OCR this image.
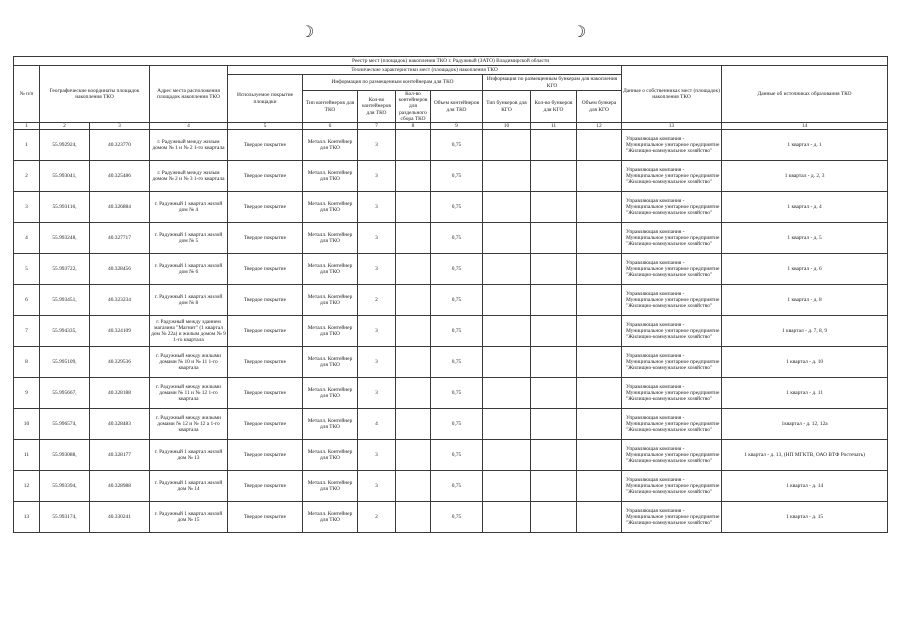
☽	☽
Реестр мест (площадок) накопления ТКО г. Радужный (ЗАТО) Владимирской области													
№ п/п	Географические координаты площадок накопления ТКО		Адрес места расположения площадок накопления ТКО	Технические характеристики мест (площадок) накопления ТКО								Данные о собственниках мест (площадок) накопления ТКО	Данные об источниках образования ТКО
				Используемое покрытие площадки	Информация по размещенным контейнерам для ТКО				Информация по размещенным бункерам для накопления КГО				
					Тип контейнеров для ТКО	Кол-во контейнеров для ТКО	Кол-во контейнеров для раздельного сбора ТКО	Объем контейнеров для ТКО	Тип бункеров для КГО	Кол-во бункеров для КГО	Объем бункера для КГО		

1	2	3	4	5	6	7	8	9	10	11	12	13	14
1	55.992924,	40.323770	г. Радужный между жилым домом № 1 и № 2 1-го квартала	Твердое покрытие	Металл. Контейнер для ТКО	3		0,75				Управляющая компания - Муниципальное унитарное предприятие "Жилищно-коммунальное хозяйство"	1 квартал - д. 1
2	55.993041,	40.325486	г. Радужный между жилым домом № 2 и № 3 1-го квартала	Твердое покрытие	Металл. Контейнер для ТКО	3		0,75				Управляющая компания - Муниципальное унитарное предприятие "Жилищно-коммунальное хозяйство"	1 квартал - д. 2, 3
3	55.993116,	40.326884	г. Радужный 1 квартал жилой дом № 4	Твердое покрытие	Металл. Контейнер для ТКО	3		0,75				Управляющая компания - Муниципальное унитарное предприятие "Жилищно-коммунальное хозяйство"	1 квартал - д. 4
4	55.993248,	40.327717	г. Радужный 1 квартал жилой дом № 5	Твердое покрытие	Металл. Контейнер для ТКО	3		0,75				Управляющая компания - Муниципальное унитарное предприятие "Жилищно-коммунальное хозяйство"	1 квартал - д. 5
5	55.993722,	40.328456	г. Радужный 1 квартал жилой дом № 6	Твердое покрытие	Металл. Контейнер для ТКО	3		0,75				Управляющая компания - Муниципальное унитарное предприятие "Жилищно-коммунальное хозяйство"	1 квартал - д. 6
6	55.993451,	40.323234	г. Радужный 1 квартал жилой дом № 8	Твердое покрытие	Металл. Контейнер для ТКО	2		0,75				Управляющая компания - Муниципальное унитарное предприятие "Жилищно-коммунальное хозяйство"	1 квартал - д. 8
7	55.994335,	40.324109	г. Радужный между зданием магазина "Магнит" (1 квартал дом № 22а) и жилым домом № 9 1-го квартала	Твердое покрытие	Металл. Контейнер для ТКО	3		0,75				Управляющая компания - Муниципальное унитарное предприятие "Жилищно-коммунальное хозяйство"	1 квартал - д. 7, 8, 9
8	55.995109,	40.329536	г. Радужный между жилыми домами № 10 и № 11 1-го квартала	Твердое покрытие	Металл. Контейнер для ТКО	3		0,75				Управляющая компания - Муниципальное унитарное предприятие "Жилищно-коммунальное хозяйство"	1 квартал - д. 10
9	55.995667,	40.328188	г. Радужный между жилыми домами № 11 и № 12 1-го квартала	Твердое покрытие	Металл. Контейнер для ТКО	3		0,75				Управляющая компания - Муниципальное унитарное предприятие "Жилищно-коммунальное хозяйство"	1 квартал - д. 11
10	55.996574,	40.328483	г. Радужный между жилыми домами № 12 и № 12 а 1-го квартала	Твердое покрытие	Металл. Контейнер для ТКО	4		0,75				Управляющая компания - Муниципальное унитарное предприятие "Жилищно-коммунальное хозяйство"	1квартал - д. 12, 12а
11	55.993088,	40.328177	г. Радужный 1 квартал жилой дом № 13	Твердое покрытие	Металл. Контейнер для ТКО	3		0,75				Управляющая компания - Муниципальное унитарное предприятие "Жилищно-коммунальное хозяйство"	1 квартал - д. 13, (НП МГКТВ, ОАО ВТФ Ростечать)
12	55.993394,	40.328988	г. Радужный 1 квартал жилой дом № 14	Твердое покрытие	Металл. Контейнер для ТКО	3		0,75				Управляющая компания - Муниципальное унитарное предприятие "Жилищно-коммунальное хозяйство"	1 квартал - д. 14
13	55.993174,	40.330241	г. Радужный 1 квартал жилой дом № 15	Твердое покрытие	Металл. Контейнер для ТКО	2		0,75				Управляющая компания - Муниципальное унитарное предприятие "Жилищно-коммунальное хозяйство"	1 квартал - д. 15
